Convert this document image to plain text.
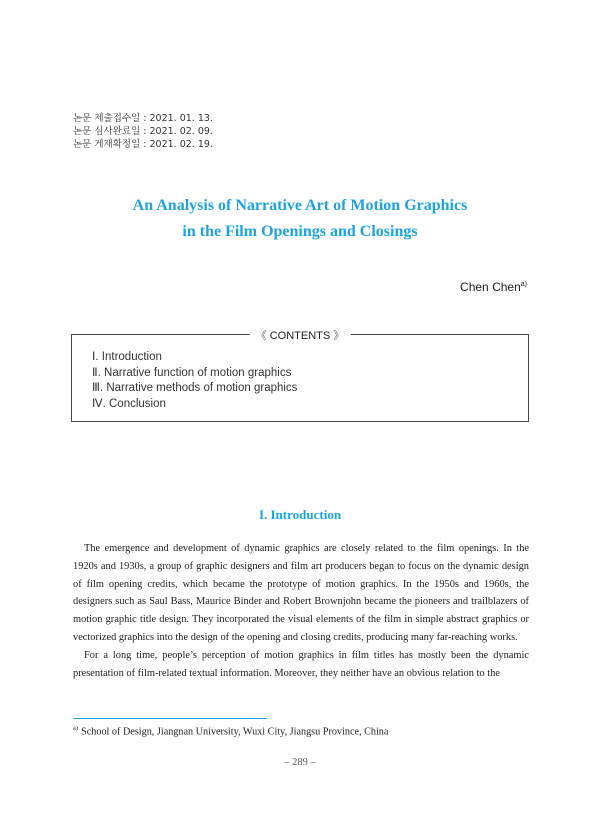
논문 제출접수일 : 2021. 01. 13.
논문 심사완료일 : 2021. 02. 09.
논문 게재확정일 : 2021. 02. 19.
An Analysis of Narrative Art of Motion Graphics
in the Film Openings and Closings
Chen Chen$^{a)}$
《 CONTENTS 》
Ⅰ. Introduction
Ⅱ. Narrative function of motion graphics
Ⅲ. Narrative methods of motion graphics
Ⅳ. Conclusion
I. Introduction

The emergence and development of dynamic graphics are closely related to the film openings. In the 1920s and 1930s, a group of graphic designers and film art producers began to focus on the dynamic design of film opening credits, which became the prototype of motion graphics. In the 1950s and 1960s, the designers such as Saul Bass, Maurice Binder and Robert Brownjohn became the pioneers and trailblazers of motion graphic title design. They incorporated the visual elements of the film in simple abstract graphics or vectorized graphics into the design of the opening and closing credits, producing many far-reaching works.

For a long time, people’s perception of motion graphics in film titles has mostly been the dynamic presentation of film-related textual information. Moreover, they neither have an obvious relation to the

$^{a)}$ School of Design, Jiangnan University, Wuxi City, Jiangsu Province, China
– 289 –
